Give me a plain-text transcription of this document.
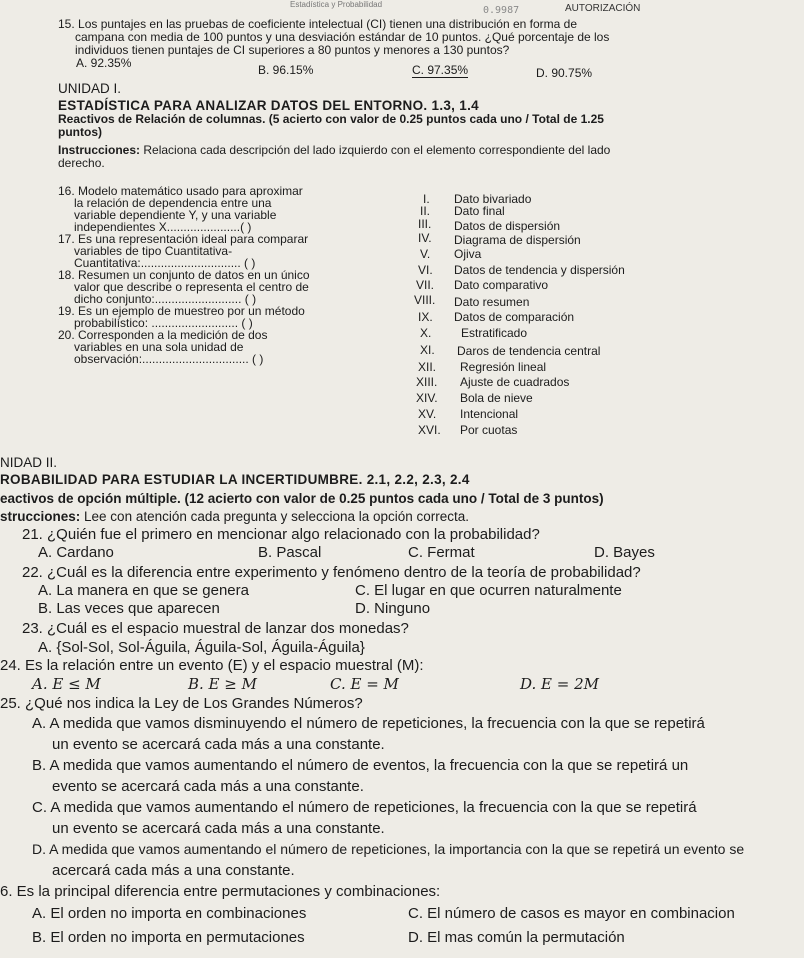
Estadística y Probabilidad
0.9987	AUTORIZACIÓN
15. Los puntajes en las pruebas de coeficiente intelectual (CI) tienen una distribución en forma de
campana con media de 100 puntos y una desviación estándar de 10 puntos. ¿Qué porcentaje de los
individuos tienen puntajes de CI superiores a 80 puntos y menores a 130 puntos?
A. 92.35%	B. 96.15%	C. 97.35%	D. 90.75%
UNIDAD I.
ESTADÍSTICA PARA ANALIZAR DATOS DEL ENTORNO. 1.3, 1.4
Reactivos de Relación de columnas. (5 acierto con valor de 0.25 puntos cada uno / Total de 1.25
puntos)
Instrucciones: Relaciona cada descripción del lado izquierdo con el elemento correspondiente del lado
derecho.
16. Modelo matemático usado para aproximar
la relación de dependencia entre una
variable dependiente Y, y una variable
independientes X......................( )
17. Es una representación ideal para comparar
variables de tipo Cuantitativa-
Cuantitativa:.............................. ( )
18. Resumen un conjunto de datos en un único
valor que describe o representa el centro de
dicho conjunto:.......................... ( )
19. Es un ejemplo de muestreo por un método
probabilístico: .......................... ( )
20. Corresponden a la medición de dos
variables en una sola unidad de
observación:................................ ( )
I. Dato bivariado
II. Dato final
III. Datos de dispersión
IV. Diagrama de dispersión
V. Ojiva
VI. Datos de tendencia y dispersión
VII. Dato comparativo
VIII. Dato resumen
IX. Datos de comparación
X. Estratificado
XI. Daros de tendencia central
XII. Regresión lineal
XIII. Ajuste de cuadrados
XIV. Bola de nieve
XV. Intencional
XVI. Por cuotas
NIDAD II.
ROBABILIDAD PARA ESTUDIAR LA INCERTIDUMBRE. 2.1, 2.2, 2.3, 2.4
eactivos de opción múltiple. (12 acierto con valor de 0.25 puntos cada uno / Total de 3 puntos)
strucciones: Lee con atención cada pregunta y selecciona la opción correcta.
21. ¿Quién fue el primero en mencionar algo relacionado con la probabilidad?
A. Cardano	B. Pascal	C. Fermat	D. Bayes
22. ¿Cuál es la diferencia entre experimento y fenómeno dentro de la teoría de probabilidad?
A. La manera en que se genera	C. El lugar en que ocurren naturalmente
B. Las veces que aparecen	D. Ninguno
23. ¿Cuál es el espacio muestral de lanzar dos monedas?
A. {Sol-Sol, Sol-Águila, Águila-Sol, Águila-Águila}
24. Es la relación entre un evento (E) y el espacio muestral (M):
A. E ≤ M	B. E ≥ M	C. E = M	D. E = 2M
25. ¿Qué nos indica la Ley de Los Grandes Números?
A. A medida que vamos disminuyendo el número de repeticiones, la frecuencia con la que se repetirá
un evento se acercará cada más a una constante.
B. A medida que vamos aumentando el número de eventos, la frecuencia con la que se repetirá un
evento se acercará cada más a una constante.
C. A medida que vamos aumentando el número de repeticiones, la frecuencia con la que se repetirá
un evento se acercará cada más a una constante.
D. A medida que vamos aumentando el número de repeticiones, la importancia con la que se repetirá un evento se
acercará cada más a una constante.
6. Es la principal diferencia entre permutaciones y combinaciones:
A. El orden no importa en combinaciones	C. El número de casos es mayor en combinacion
B. El orden no importa en permutaciones	D. El mas común la permutación
